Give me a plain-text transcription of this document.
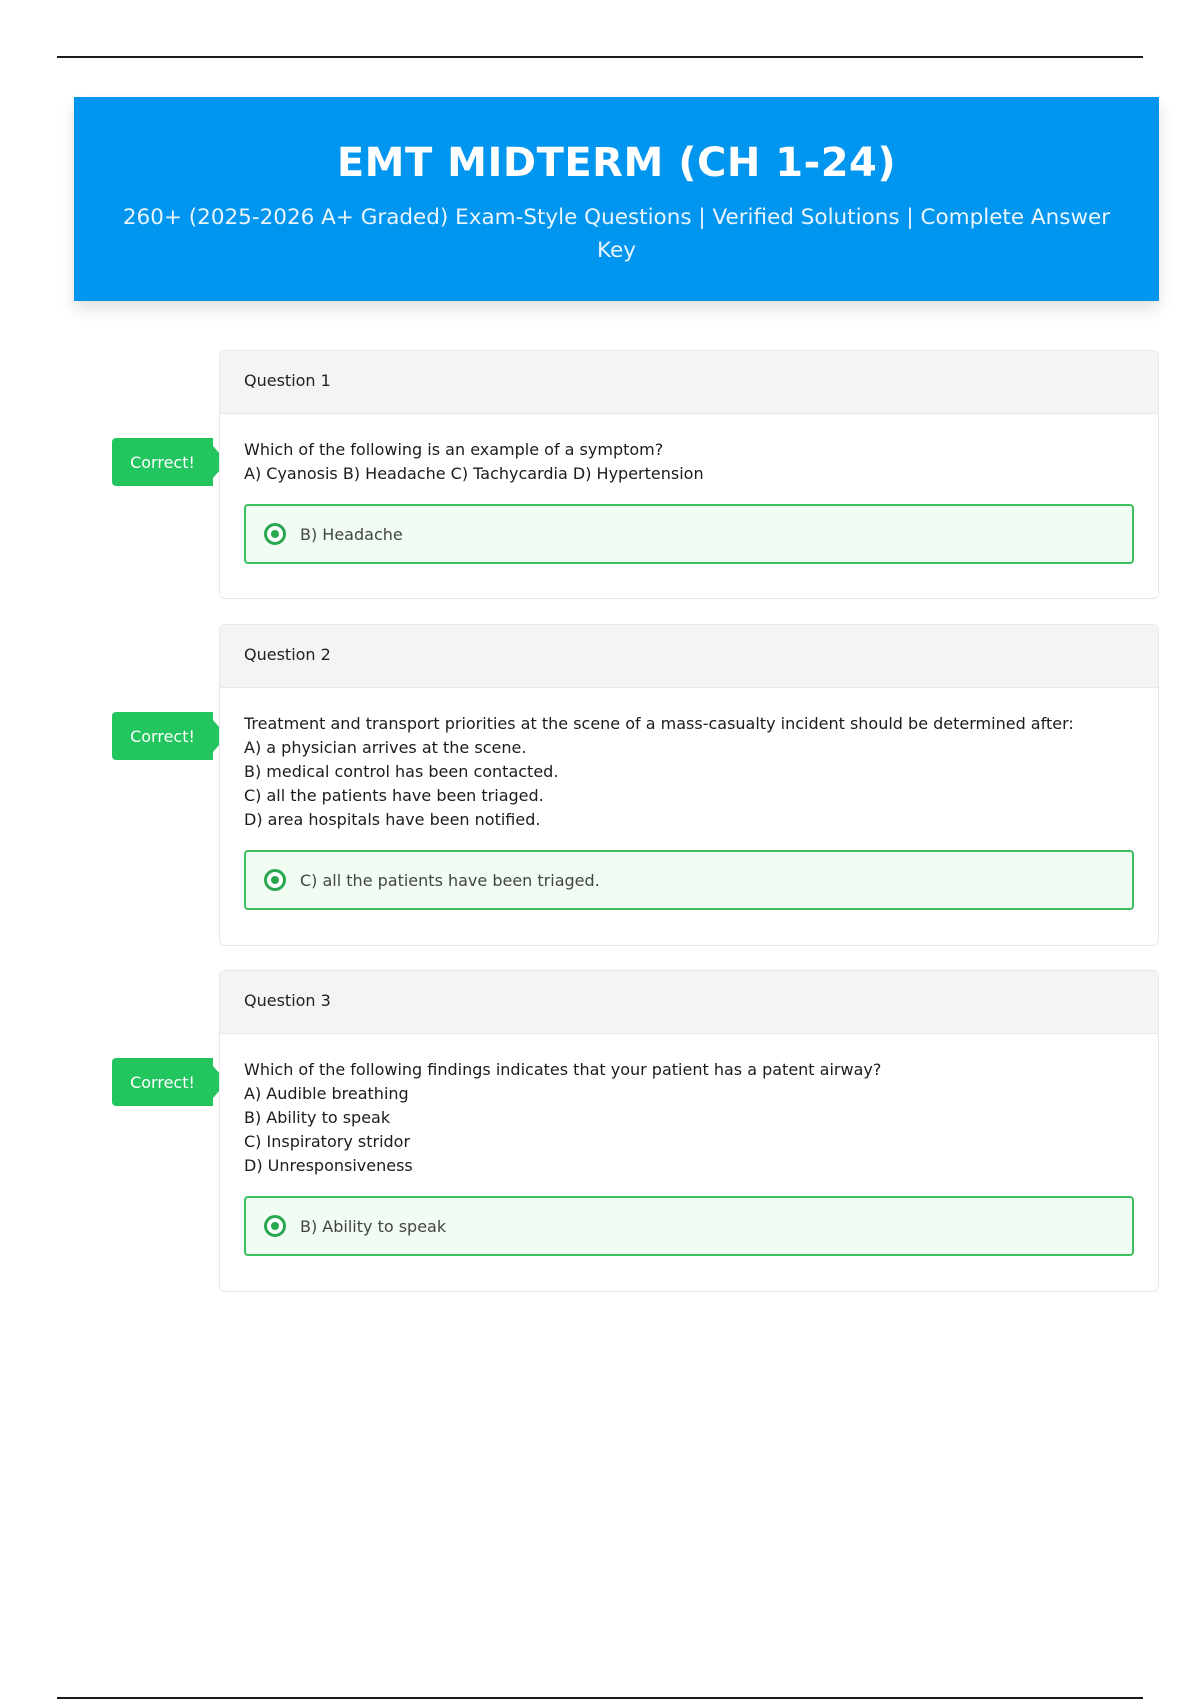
EMT MIDTERM (CH 1-24)
260+ (2025-2026 A+ Graded) Exam-Style Questions | Verified Solutions | Complete Answer Key
Correct!
Question 1
Which of the following is an example of a symptom?
A) Cyanosis B) Headache C) Tachycardia D) Hypertension
B) Headache
Correct!
Question 2
Treatment and transport priorities at the scene of a mass-casualty incident should be determined after:
A) a physician arrives at the scene.
B) medical control has been contacted.
C) all the patients have been triaged.
D) area hospitals have been notified.
C) all the patients have been triaged.
Correct!
Question 3
Which of the following findings indicates that your patient has a patent airway?
A) Audible breathing
B) Ability to speak
C) Inspiratory stridor
D) Unresponsiveness
B) Ability to speak
